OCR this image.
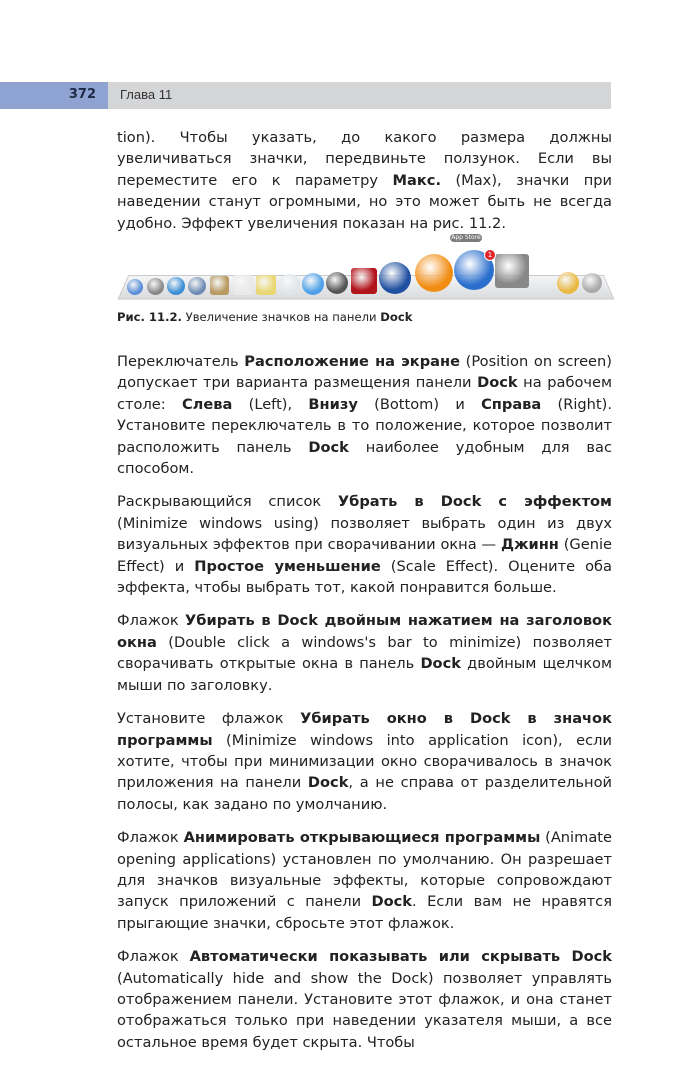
372 Глава 11

tion). Чтобы указать, до какого размера должны увеличиваться значки, передвиньте ползунок. Если вы переместите его к параметру Макс. (Max), значки при наведении станут огромными, но это может быть не всегда удобно. Эффект увеличения показан на рис. 11.2.

1
App Store
Рис. 11.2. Увеличение значков на панели Dock

Переключатель Расположение на экране (Position on screen) допускает три варианта размещения панели Dock на рабочем столе: Слева (Left), Внизу (Bottom) и Справа (Right). Установите переключатель в то положение, которое позволит расположить панель Dock наиболее удобным для вас способом.

Раскрывающийся список Убрать в Dock с эффектом (Minimize windows using) позволяет выбрать один из двух визуальных эффектов при сворачивании окна — Джинн (Genie Effect) и Простое уменьшение (Scale Effect). Оцените оба эффекта, чтобы выбрать тот, какой понравится больше.

Флажок Убирать в Dock двойным нажатием на заголовок окна (Double click a windows's bar to minimize) позволяет сворачивать открытые окна в панель Dock двойным щелчком мыши по заголовку.

Установите флажок Убирать окно в Dock в значок программы (Minimize windows into application icon), если хотите, чтобы при минимизации окно сворачивалось в значок приложения на панели Dock, а не справа от разделительной полосы, как задано по умолчанию.

Флажок Анимировать открывающиеся программы (Animate opening applications) установлен по умолчанию. Он разрешает для значков визуальные эффекты, которые сопровождают запуск приложений с панели Dock. Если вам не нравятся прыгающие значки, сбросьте этот флажок.

Флажок Автоматически показывать или скрывать Dock (Automatically hide and show the Dock) позволяет управлять отображением панели. Установите этот флажок, и она станет отображаться только при наведении указателя мыши, а все остальное время будет скрыта. Чтобы
